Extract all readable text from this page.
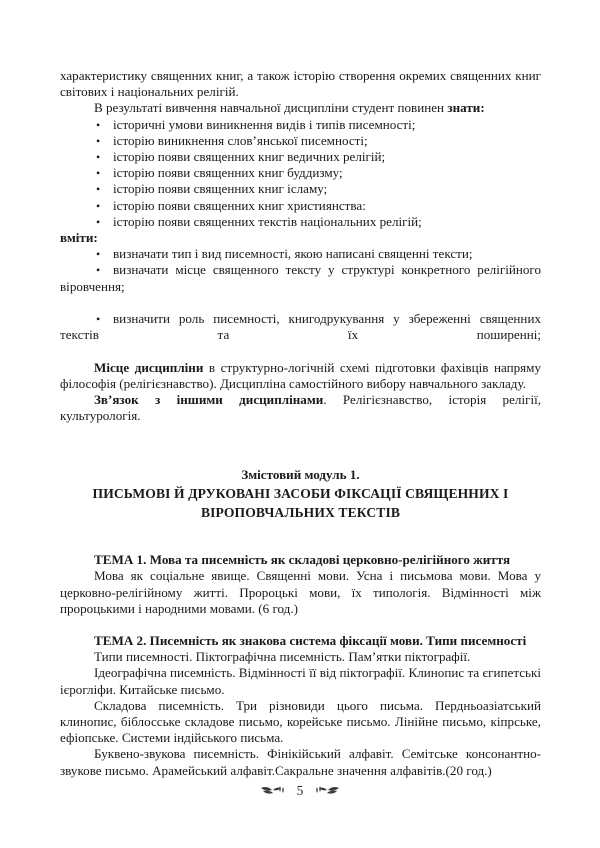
характеристику священних книг, а також історію створення окремих священних книг світових і національних релігій.

В результаті вивчення навчальної дисципліни студент повинен знати:

• історичні умови виникнення видів і типів писемності;
• історію виникнення слов’янської писемності;
• історію появи священних книг ведичних релігій;
• історію появи священних книг буддизму;
• історію появи священних книг ісламу;
• історію появи священних книг християнства:
• історію появи священних текстів національних релігій;
вміти:
• визначати тип і вид писемності, якою написані священні тексти;
• визначати місце священного тексту у структурі конкретного релігійного віровчення;
• визначити роль писемності, книгодрукування у збереженні священних текстів та їх поширенні;

Місце дисципліни в структурно-логічній схемі підготовки фахівців напряму філософія (релігієзнавство). Дисципліна самостійного вибору навчального закладу.

Зв’язок з іншими дисциплінами. Релігієзнавство, історія релігії, культурологія.

Змістовий модуль 1.
ПИСЬМОВІ Й ДРУКОВАНІ ЗАСОБИ ФІКСАЦІЇ СВЯЩЕННИХ І
ВІРОПОВЧАЛЬНИХ ТЕКСТІВ
ТЕМА 1. Мова та писемність як складові церковно-релігійного життя

Мова як соціальне явище. Священні мови. Усна і письмова мови. Мова у церковно-релігійному житті. Пророцькі мови, їх типологія. Відмінності між пророцькими і народними мовами. (6 год.)

ТЕМА 2. Писемність як знакова система фіксації мови. Типи писемності

Типи писемності. Піктографічна писемність. Пам’ятки піктографії.

Ідеографічна писемність. Відмінності її від піктографії. Клинопис та єгипетські ієрогліфи. Китайське письмо.

Складова писемність. Три різновиди цього письма. Пердньоазіатський клинопис, біблосське складове письмо, корейське письмо. Лінійне письмо, кіпрське, ефіопське. Системи індійського письма.

Буквено-звукова писемність. Фінікійський алфавіт. Семітське консонантно-звукове письмо. Арамейський алфавіт.Сакральне значення алфавітів.(20 год.)

5
